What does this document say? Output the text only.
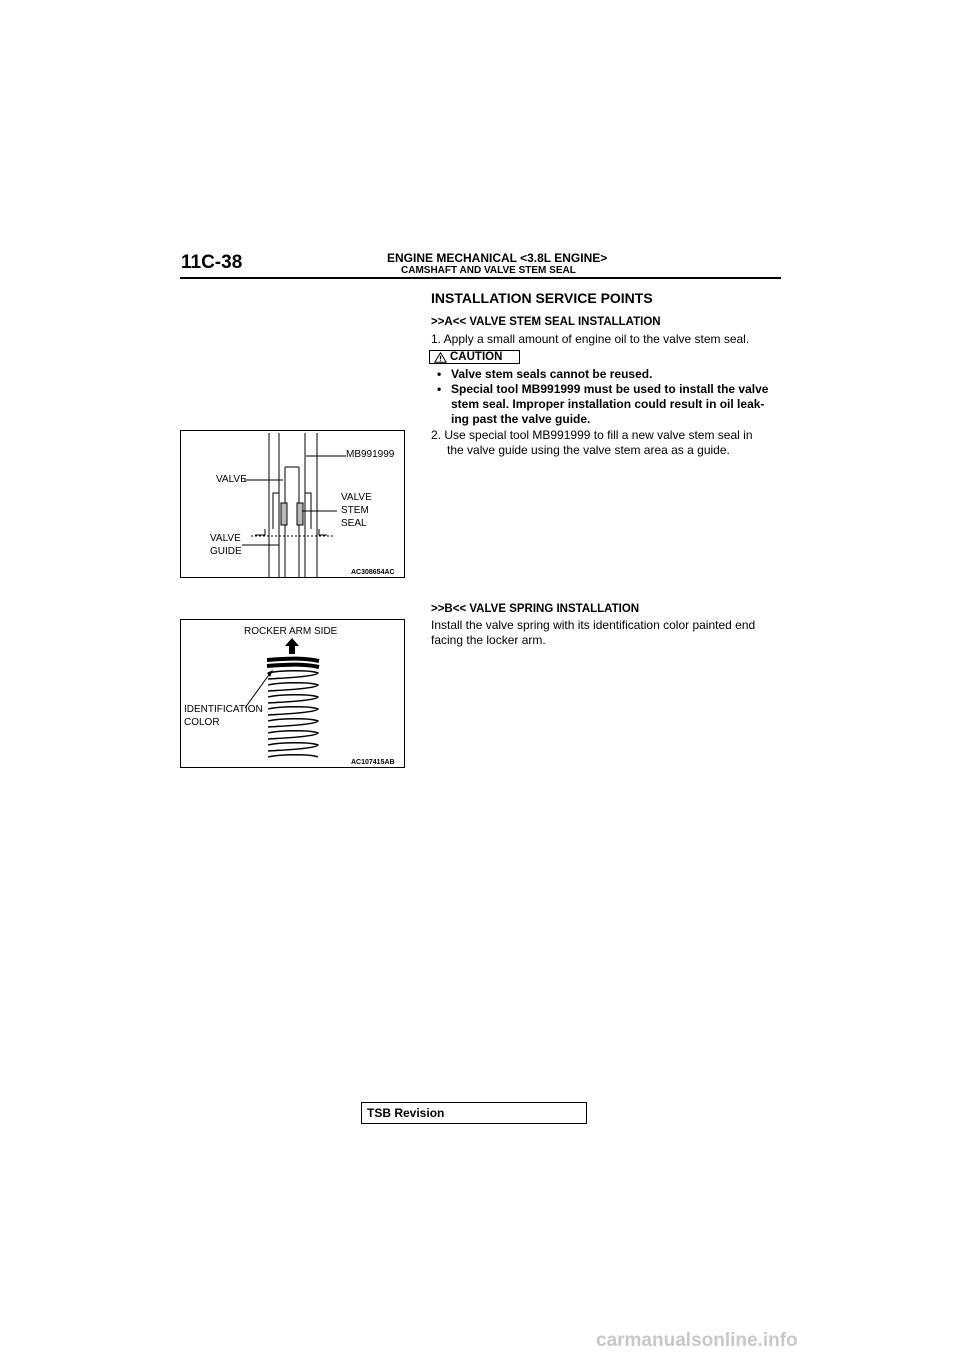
11C-38	ENGINE MECHANICAL <3.8L ENGINE>
CAMSHAFT AND VALVE STEM SEAL
INSTALLATION SERVICE POINTS
>>A<< VALVE STEM SEAL INSTALLATION
1. Apply a small amount of engine oil to the valve stem seal.
CAUTION
• Valve stem seals cannot be reused.
• Special tool MB991999 must be used to install the valve
stem seal. Improper installation could result in oil leak-
ing past the valve guide.
2. Use special tool MB991999 to fill a new valve stem seal in
the valve guide using the valve stem area as a guide.
MB991999
VALVE
VALVE
STEM
SEAL
VALVE
GUIDE
AC308654AC
>>B<< VALVE SPRING INSTALLATION
Install the valve spring with its identification color painted end
facing the locker arm.
ROCKER ARM SIDE
IDENTIFICATION
COLOR
AC107415AB
TSB Revision
carmanualsonline.info
